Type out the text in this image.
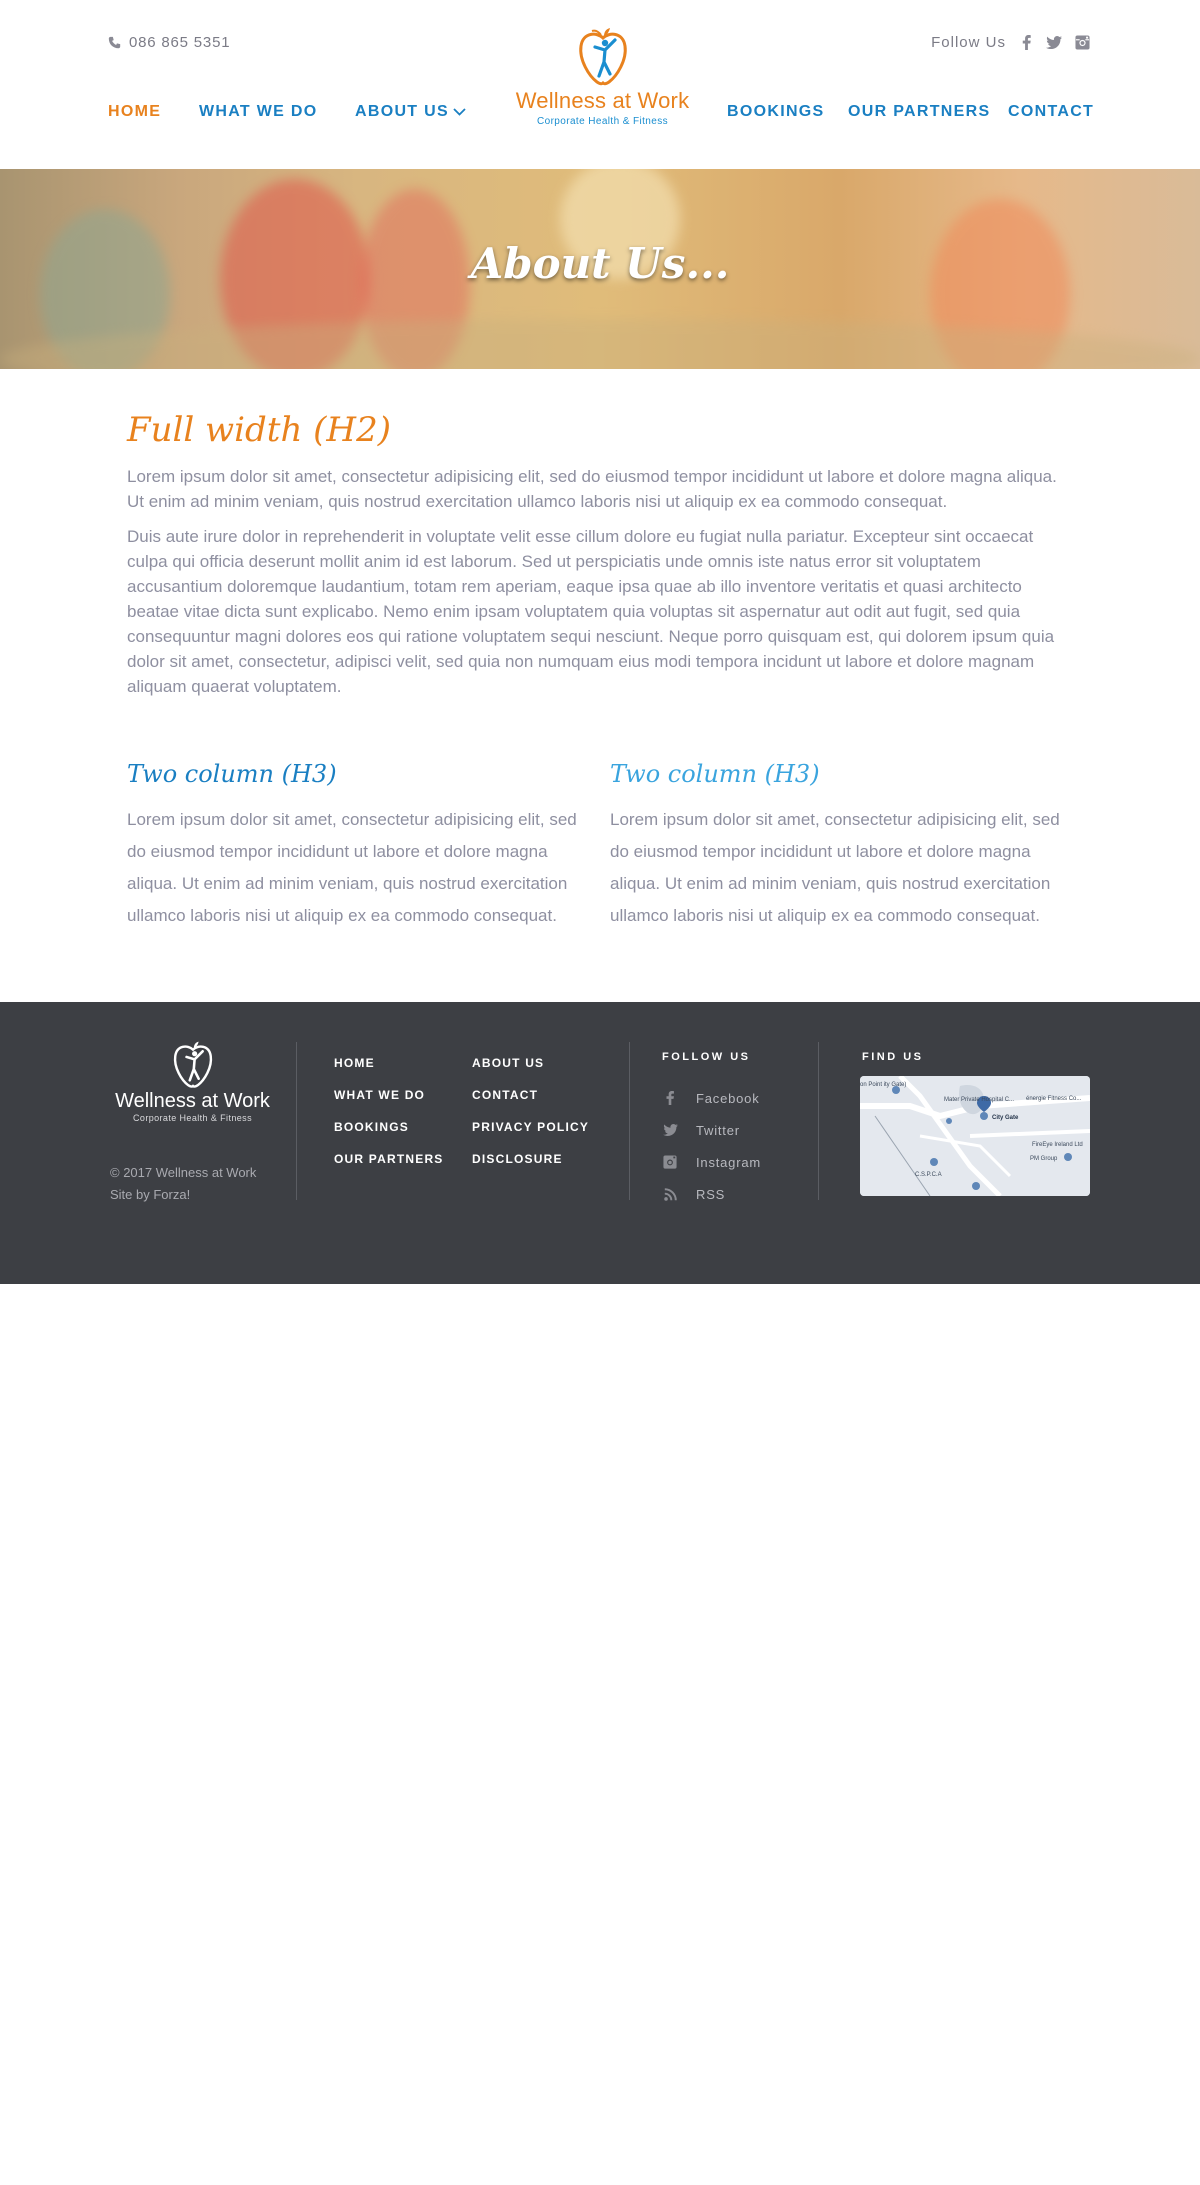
086 865 5351	Follow Us
Wellness at Work
Corporate Health & Fitness
HOME WHAT WE DO ABOUT US	BOOKINGS OUR PARTNERS CONTACT
About Us...
Full width (H2)

Lorem ipsum dolor sit amet, consectetur adipisicing elit, sed do eiusmod tempor incididunt ut labore et dolore magna aliqua. Ut enim ad minim veniam, quis nostrud exercitation ullamco laboris nisi ut aliquip ex ea commodo consequat.

Duis aute irure dolor in reprehenderit in voluptate velit esse cillum dolore eu fugiat nulla pariatur. Excepteur sint occaecat culpa qui officia deserunt mollit anim id est laborum. Sed ut perspiciatis unde omnis iste natus error sit voluptatem accusantium doloremque laudantium, totam rem aperiam, eaque ipsa quae ab illo inventore veritatis et quasi architecto beatae vitae dicta sunt explicabo. Nemo enim ipsam voluptatem quia voluptas sit aspernatur aut odit aut fugit, sed quia consequuntur magni dolores eos qui ratione voluptatem sequi nesciunt. Neque porro quisquam est, qui dolorem ipsum quia dolor sit amet, consectetur, adipisci velit, sed quia non numquam eius modi tempora incidunt ut labore et dolore magnam aliquam quaerat voluptatem.

Two column (H3)

Lorem ipsum dolor sit amet, consectetur adipisicing elit, sed do eiusmod tempor incididunt ut labore et dolore magna aliqua. Ut enim ad minim veniam, quis nostrud exercitation ullamco laboris nisi ut aliquip ex ea commodo consequat.

Two column (H3)

Lorem ipsum dolor sit amet, consectetur adipisicing elit, sed do eiusmod tempor incididunt ut labore et dolore magna aliqua. Ut enim ad minim veniam, quis nostrud exercitation ullamco laboris nisi ut aliquip ex ea commodo consequat.

Wellness at Work
Corporate Health & Fitness
© 2017 Wellness at Work
Site by Forza!
HOME
WHAT WE DO
BOOKINGS
OUR PARTNERS
ABOUT US
CONTACT
PRIVACY POLICY
DISCLOSURE
FOLLOW US
Facebook
Twitter
Instagram
RSS
FIND US
Mater Private Hospital C...
City Gate
énergie Fitness Co...
FireEye Ireland Ltd
PM Group
C.S.P.C.A
on Point ity Gate)
